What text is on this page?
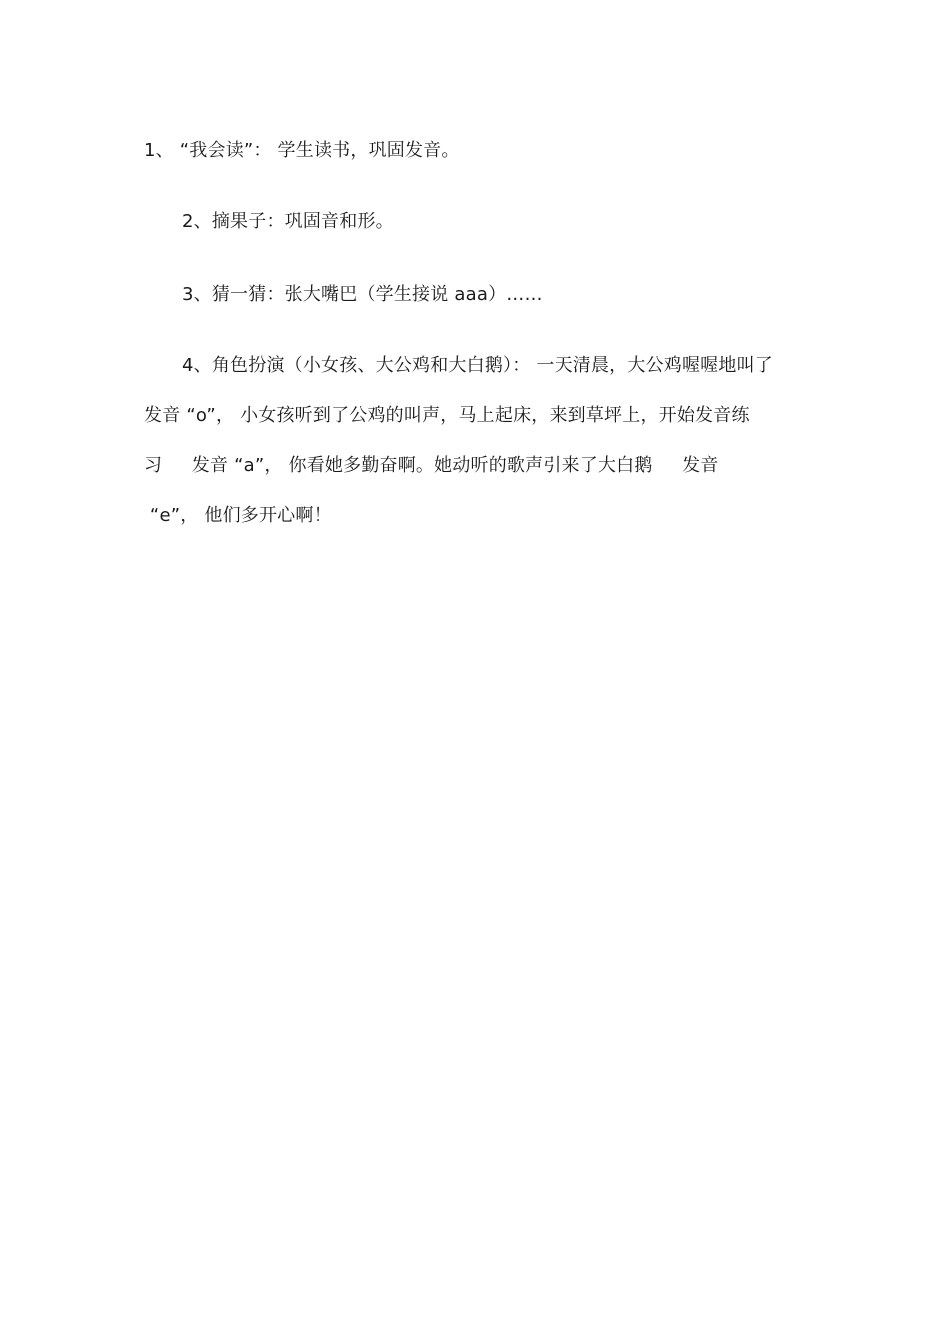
1、 “我会读”： 学生读书，巩固发音。
2、摘果子：巩固音和形。
3、猜一猜：张大嘴巴（学生接说 aaa）……
4、角色扮演（小女孩、大公鸡和大白鹅）： 一天清晨，大公鸡喔喔地叫了
发音 “o”， 小女孩听到了公鸡的叫声，马上起床，来到草坪上，开始发音练
习     发音 “a”， 你看她多勤奋啊。她动听的歌声引来了大白鹅     发音
“e”， 他们多开心啊！
